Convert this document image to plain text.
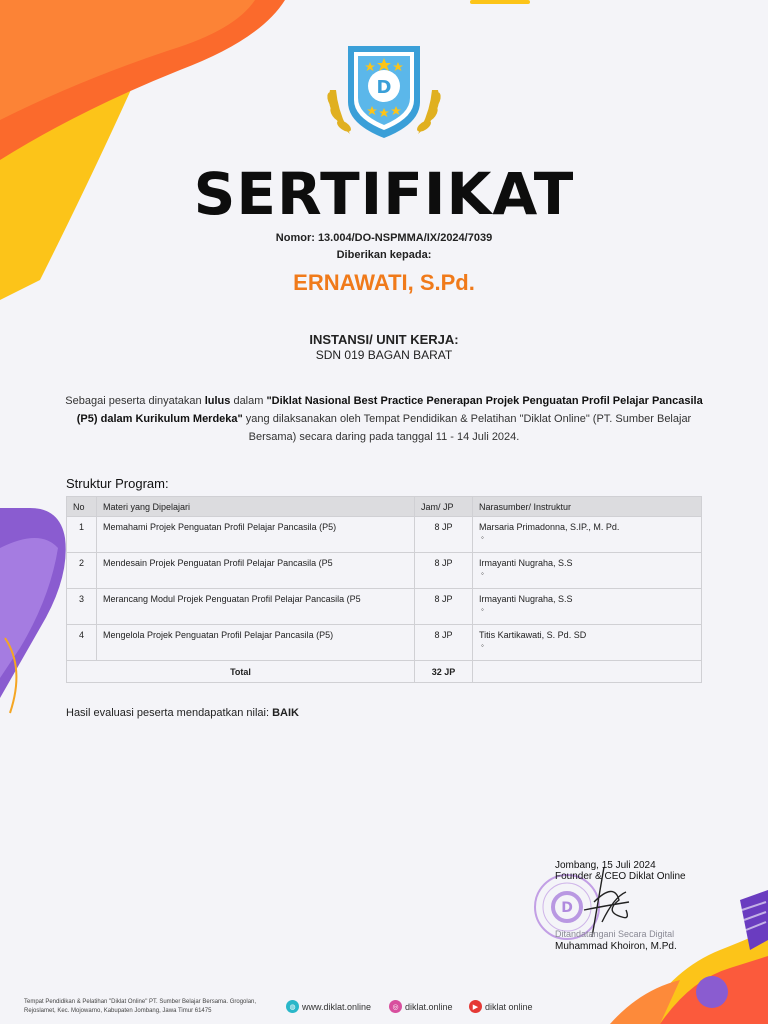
D
SERTIFIKAT
Nomor: 13.004/DO-NSPMMA/IX/2024/7039
Diberikan kepada:
ERNAWATI, S.Pd.
INSTANSI/ UNIT KERJA:
SDN 019 BAGAN BARAT
Sebagai peserta dinyatakan lulus dalam "Diklat Nasional Best Practice Penerapan Projek Penguatan Profil Pelajar Pancasila (P5) dalam Kurikulum Merdeka" yang dilaksanakan oleh Tempat Pendidikan & Pelatihan "Diklat Online" (PT. Sumber Belajar Bersama) secara daring pada tanggal 11 - 14 Juli 2024.
Struktur Program:
No	Materi yang Dipelajari	Jam/ JP	Narasumber/ Instruktur
1	Memahami Projek Penguatan Profil Pelajar Pancasila (P5)	8 JP	Marsaria Primadonna, S.IP., M. Pd.
◦

2	Mendesain Projek Penguatan Profil Pelajar Pancasila (P5	8 JP	Irmayanti Nugraha, S.S
◦

3	Merancang Modul Projek Penguatan Profil Pelajar Pancasila (P5	8 JP	Irmayanti Nugraha, S.S
◦

4	Mengelola Projek Penguatan Profil Pelajar Pancasila (P5)	8 JP	Titis Kartikawati, S. Pd. SD
◦

Total		32 JP	
Hasil evaluasi peserta mendapatkan nilai: BAIK
D
Jombang, 15 Juli 2024
Founder & CEO Diklat Online
Ditandatangani Secara Digital
Muhammad Khoiron, M.Pd.
Tempat Pendidikan & Pelatihan "Diklat Online" PT. Sumber Belajar Bersama. Grogolan, Rejoslamet, Kec. Mojowarno, Kabupaten Jombang, Jawa Timur 61475
◍ www.diklat.online	◎ diklat.online	▶ diklat online
